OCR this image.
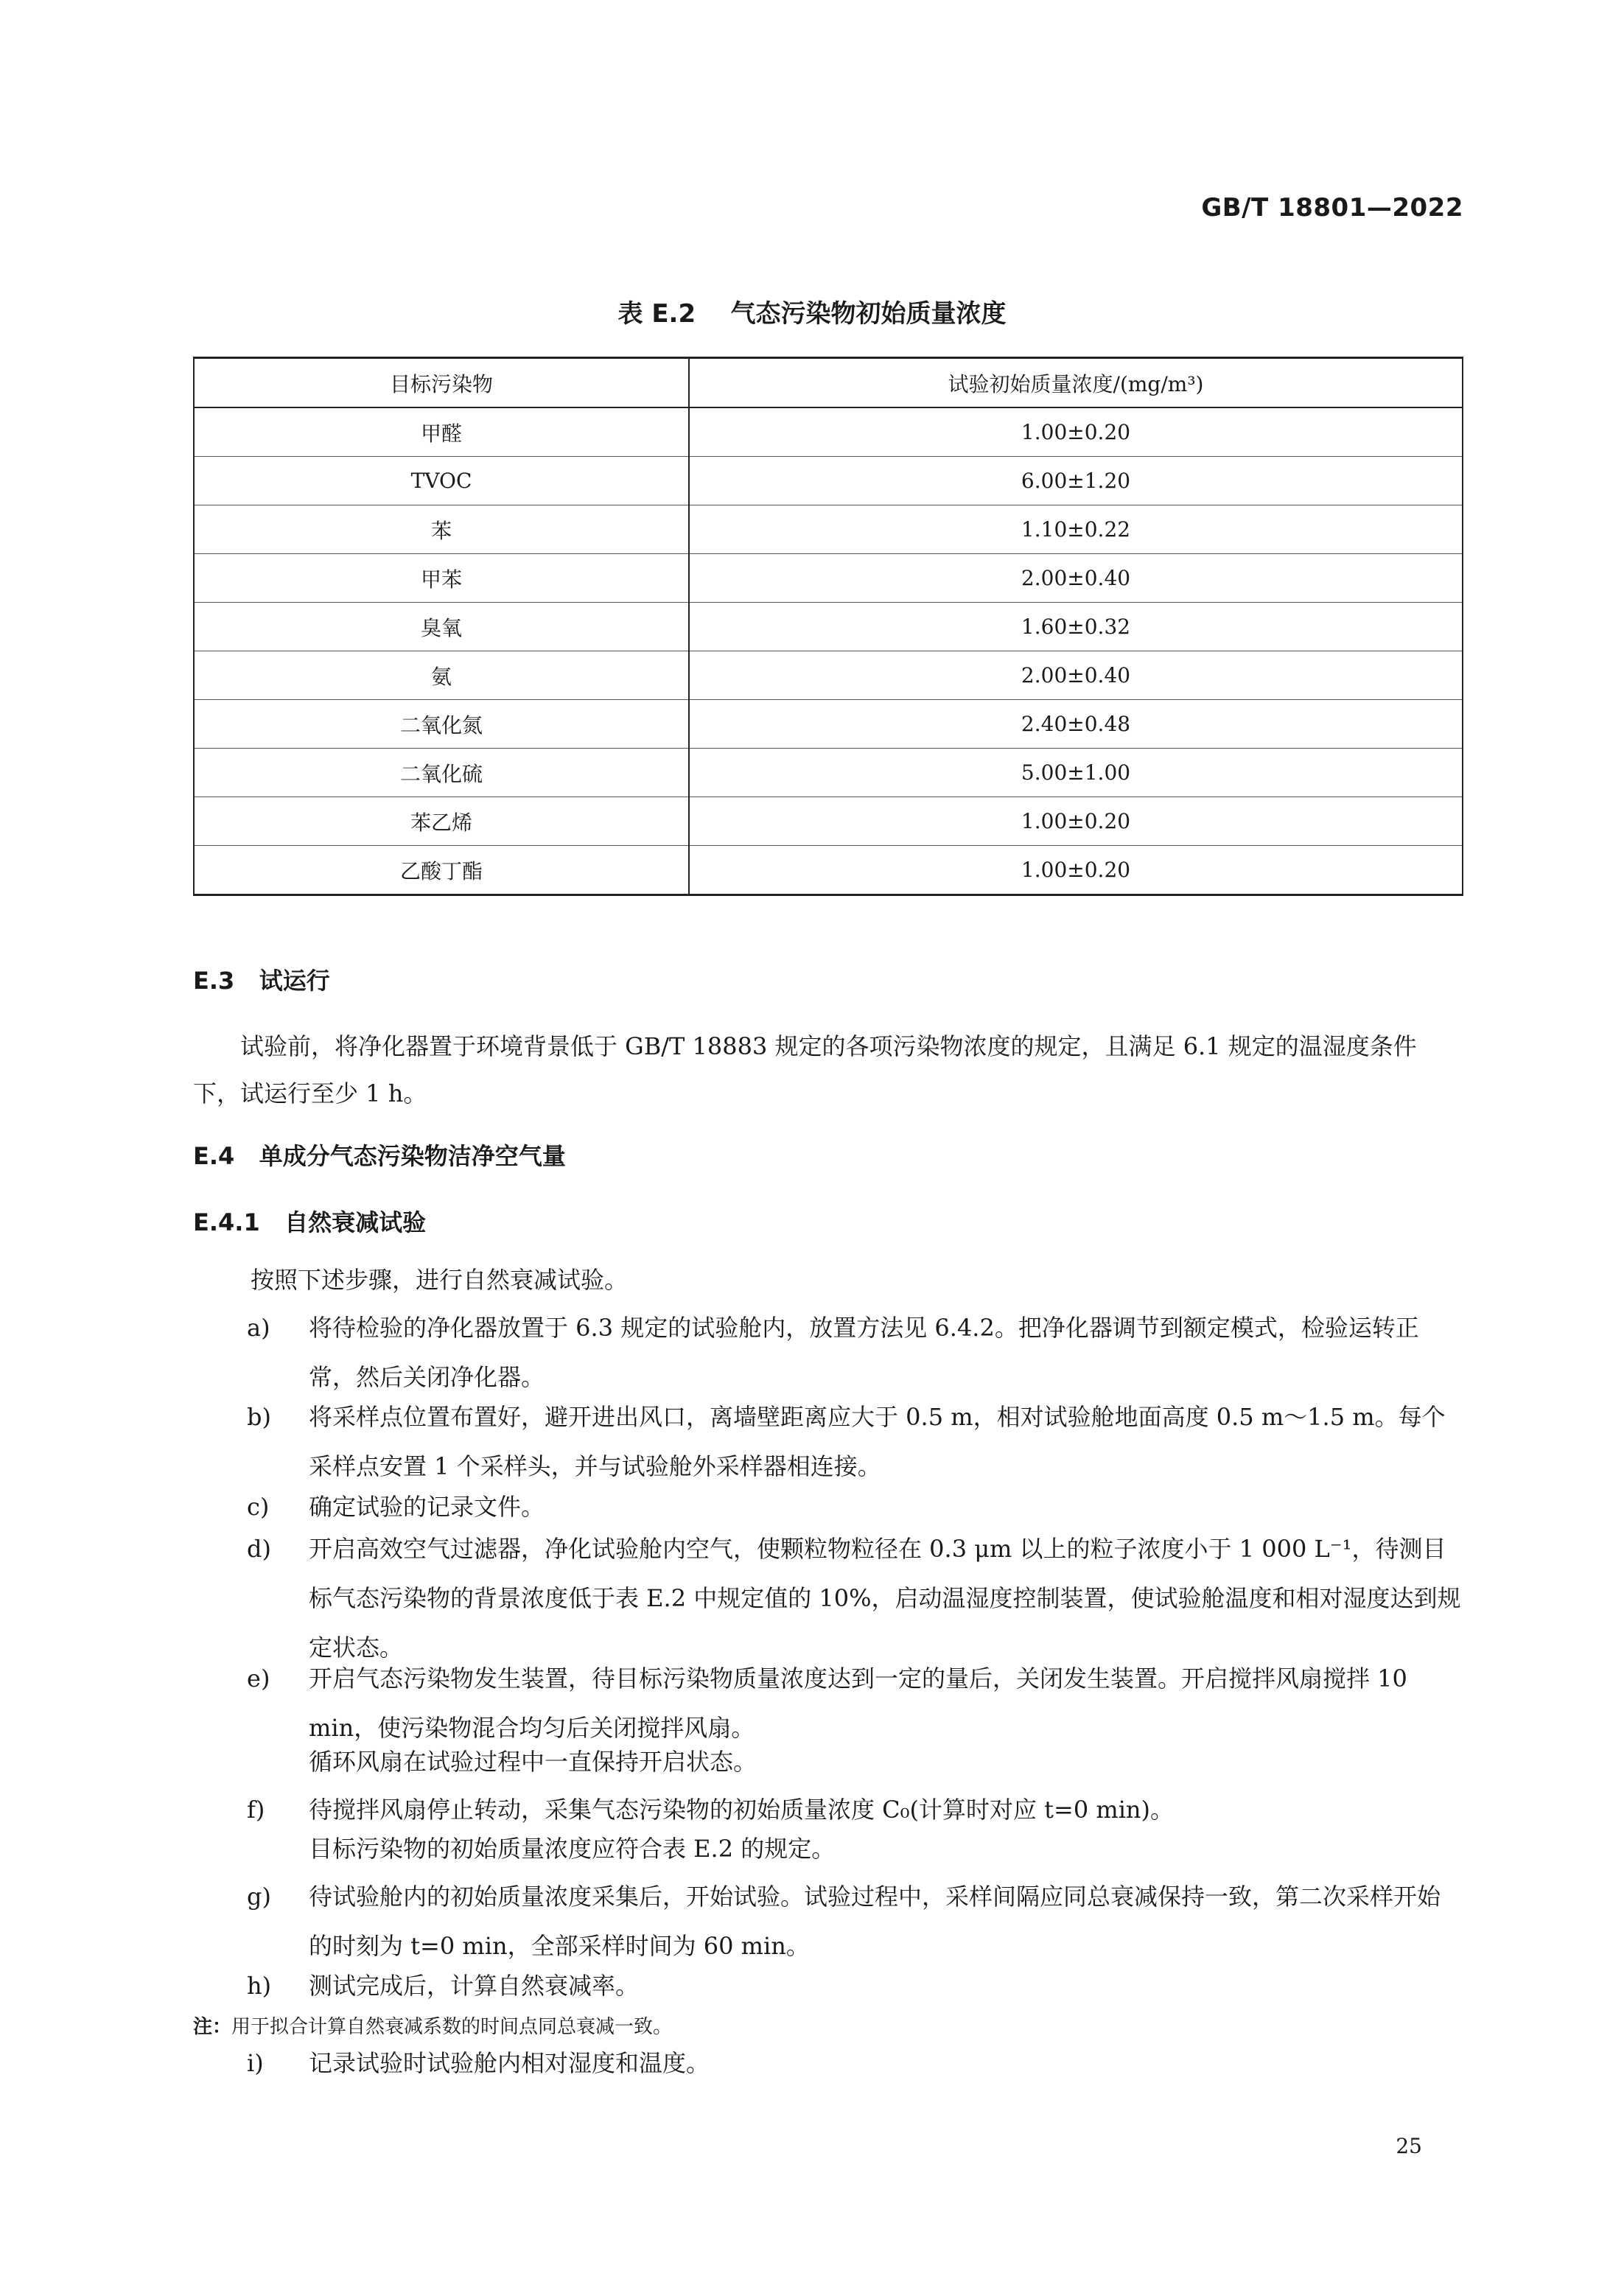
GB/T 18801—2022
表 E.2    气态污染物初始质量浓度
目标污染物	试验初始质量浓度/(mg/m³)
甲醛	1.00±0.20
TVOC	6.00±1.20
苯	1.10±0.22
甲苯	2.00±0.40
臭氧	1.60±0.32
氨	2.00±0.40
二氧化氮	2.40±0.48
二氧化硫	5.00±1.00
苯乙烯	1.00±0.20
乙酸丁酯	1.00±0.20
E.3   试运行
试验前，将净化器置于环境背景低于 GB/T 18883 规定的各项污染物浓度的规定，且满足 6.1 规定的温湿度条件下，试运行至少 1 h。
E.4   单成分气态污染物洁净空气量
E.4.1   自然衰减试验
按照下述步骤，进行自然衰减试验。
a) 将待检验的净化器放置于 6.3 规定的试验舱内，放置方法见 6.4.2。把净化器调节到额定模式，检验运转正常，然后关闭净化器。
b) 将采样点位置布置好，避开进出风口，离墙壁距离应大于 0.5 m，相对试验舱地面高度 0.5 m～1.5 m。每个采样点安置 1 个采样头，并与试验舱外采样器相连接。
c) 确定试验的记录文件。
d) 开启高效空气过滤器，净化试验舱内空气，使颗粒物粒径在 0.3 μm 以上的粒子浓度小于 1 000 L⁻¹，待测目标气态污染物的背景浓度低于表 E.2 中规定值的 10%，启动温湿度控制装置，使试验舱温度和相对湿度达到规定状态。
e) 开启气态污染物发生装置，待目标污染物质量浓度达到一定的量后，关闭发生装置。开启搅拌风扇搅拌 10 min，使污染物混合均匀后关闭搅拌风扇。
循环风扇在试验过程中一直保持开启状态。
f) 待搅拌风扇停止转动，采集气态污染物的初始质量浓度 C₀(计算时对应 t=0 min)。
目标污染物的初始质量浓度应符合表 E.2 的规定。
g) 待试验舱内的初始质量浓度采集后，开始试验。试验过程中，采样间隔应同总衰减保持一致，第二次采样开始的时刻为 t=0 min，全部采样时间为 60 min。
h) 测试完成后，计算自然衰减率。
注：用于拟合计算自然衰减系数的时间点同总衰减一致。
i) 记录试验时试验舱内相对湿度和温度。
25
